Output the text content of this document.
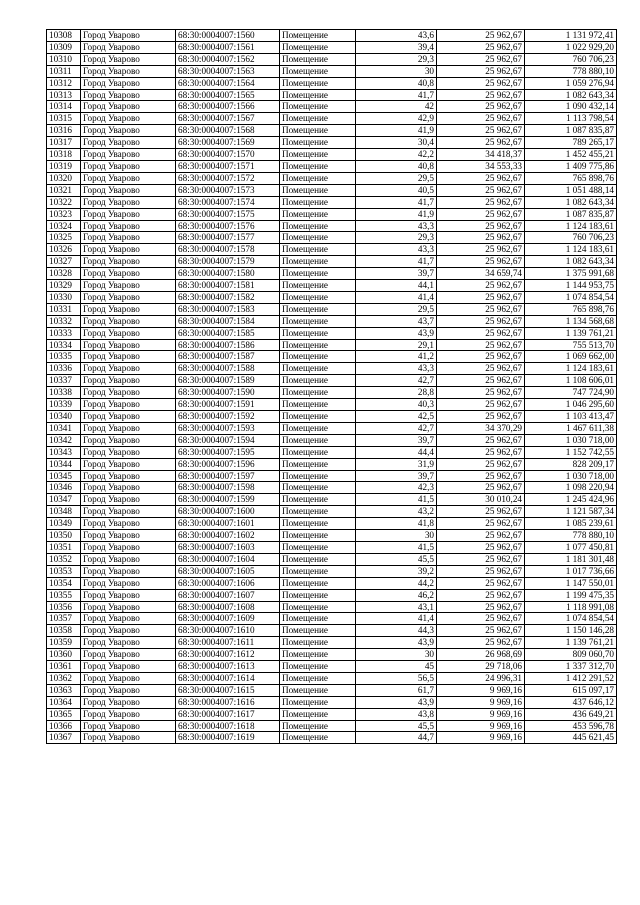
10308	Город Уварово	68:30:0004007:1560	Помещение	43,6	25 962,67	1 131 972,41
10309	Город Уварово	68:30:0004007:1561	Помещение	39,4	25 962,67	1 022 929,20
10310	Город Уварово	68:30:0004007:1562	Помещение	29,3	25 962,67	760 706,23
10311	Город Уварово	68:30:0004007:1563	Помещение	30	25 962,67	778 880,10
10312	Город Уварово	68:30:0004007:1564	Помещение	40,8	25 962,67	1 059 276,94
10313	Город Уварово	68:30:0004007:1565	Помещение	41,7	25 962,67	1 082 643,34
10314	Город Уварово	68:30:0004007:1566	Помещение	42	25 962,67	1 090 432,14
10315	Город Уварово	68:30:0004007:1567	Помещение	42,9	25 962,67	1 113 798,54
10316	Город Уварово	68:30:0004007:1568	Помещение	41,9	25 962,67	1 087 835,87
10317	Город Уварово	68:30:0004007:1569	Помещение	30,4	25 962,67	789 265,17
10318	Город Уварово	68:30:0004007:1570	Помещение	42,2	34 418,37	1 452 455,21
10319	Город Уварово	68:30:0004007:1571	Помещение	40,8	34 553,33	1 409 775,86
10320	Город Уварово	68:30:0004007:1572	Помещение	29,5	25 962,67	765 898,76
10321	Город Уварово	68:30:0004007:1573	Помещение	40,5	25 962,67	1 051 488,14
10322	Город Уварово	68:30:0004007:1574	Помещение	41,7	25 962,67	1 082 643,34
10323	Город Уварово	68:30:0004007:1575	Помещение	41,9	25 962,67	1 087 835,87
10324	Город Уварово	68:30:0004007:1576	Помещение	43,3	25 962,67	1 124 183,61
10325	Город Уварово	68:30:0004007:1577	Помещение	29,3	25 962,67	760 706,23
10326	Город Уварово	68:30:0004007:1578	Помещение	43,3	25 962,67	1 124 183,61
10327	Город Уварово	68:30:0004007:1579	Помещение	41,7	25 962,67	1 082 643,34
10328	Город Уварово	68:30:0004007:1580	Помещение	39,7	34 659,74	1 375 991,68
10329	Город Уварово	68:30:0004007:1581	Помещение	44,1	25 962,67	1 144 953,75
10330	Город Уварово	68:30:0004007:1582	Помещение	41,4	25 962,67	1 074 854,54
10331	Город Уварово	68:30:0004007:1583	Помещение	29,5	25 962,67	765 898,76
10332	Город Уварово	68:30:0004007:1584	Помещение	43,7	25 962,67	1 134 568,68
10333	Город Уварово	68:30:0004007:1585	Помещение	43,9	25 962,67	1 139 761,21
10334	Город Уварово	68:30:0004007:1586	Помещение	29,1	25 962,67	755 513,70
10335	Город Уварово	68:30:0004007:1587	Помещение	41,2	25 962,67	1 069 662,00
10336	Город Уварово	68:30:0004007:1588	Помещение	43,3	25 962,67	1 124 183,61
10337	Город Уварово	68:30:0004007:1589	Помещение	42,7	25 962,67	1 108 606,01
10338	Город Уварово	68:30:0004007:1590	Помещение	28,8	25 962,67	747 724,90
10339	Город Уварово	68:30:0004007:1591	Помещение	40,3	25 962,67	1 046 295,60
10340	Город Уварово	68:30:0004007:1592	Помещение	42,5	25 962,67	1 103 413,47
10341	Город Уварово	68:30:0004007:1593	Помещение	42,7	34 370,29	1 467 611,38
10342	Город Уварово	68:30:0004007:1594	Помещение	39,7	25 962,67	1 030 718,00
10343	Город Уварово	68:30:0004007:1595	Помещение	44,4	25 962,67	1 152 742,55
10344	Город Уварово	68:30:0004007:1596	Помещение	31,9	25 962,67	828 209,17
10345	Город Уварово	68:30:0004007:1597	Помещение	39,7	25 962,67	1 030 718,00
10346	Город Уварово	68:30:0004007:1598	Помещение	42,3	25 962,67	1 098 220,94
10347	Город Уварово	68:30:0004007:1599	Помещение	41,5	30 010,24	1 245 424,96
10348	Город Уварово	68:30:0004007:1600	Помещение	43,2	25 962,67	1 121 587,34
10349	Город Уварово	68:30:0004007:1601	Помещение	41,8	25 962,67	1 085 239,61
10350	Город Уварово	68:30:0004007:1602	Помещение	30	25 962,67	778 880,10
10351	Город Уварово	68:30:0004007:1603	Помещение	41,5	25 962,67	1 077 450,81
10352	Город Уварово	68:30:0004007:1604	Помещение	45,5	25 962,67	1 181 301,48
10353	Город Уварово	68:30:0004007:1605	Помещение	39,2	25 962,67	1 017 736,66
10354	Город Уварово	68:30:0004007:1606	Помещение	44,2	25 962,67	1 147 550,01
10355	Город Уварово	68:30:0004007:1607	Помещение	46,2	25 962,67	1 199 475,35
10356	Город Уварово	68:30:0004007:1608	Помещение	43,1	25 962,67	1 118 991,08
10357	Город Уварово	68:30:0004007:1609	Помещение	41,4	25 962,67	1 074 854,54
10358	Город Уварово	68:30:0004007:1610	Помещение	44,3	25 962,67	1 150 146,28
10359	Город Уварово	68:30:0004007:1611	Помещение	43,9	25 962,67	1 139 761,21
10360	Город Уварово	68:30:0004007:1612	Помещение	30	26 968,69	809 060,70
10361	Город Уварово	68:30:0004007:1613	Помещение	45	29 718,06	1 337 312,70
10362	Город Уварово	68:30:0004007:1614	Помещение	56,5	24 996,31	1 412 291,52
10363	Город Уварово	68:30:0004007:1615	Помещение	61,7	9 969,16	615 097,17
10364	Город Уварово	68:30:0004007:1616	Помещение	43,9	9 969,16	437 646,12
10365	Город Уварово	68:30:0004007:1617	Помещение	43,8	9 969,16	436 649,21
10366	Город Уварово	68:30:0004007:1618	Помещение	45,5	9 969,16	453 596,78
10367	Город Уварово	68:30:0004007:1619	Помещение	44,7	9 969,16	445 621,45
